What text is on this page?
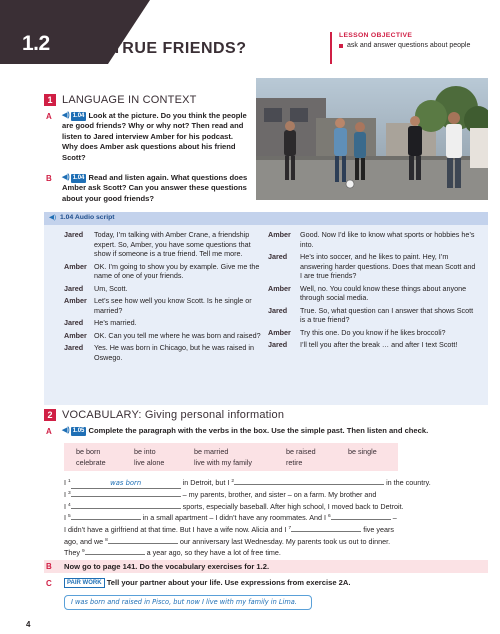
1.2	TRUE FRIENDS?
LESSON OBJECTIVE
ask and answer questions about people
1 LANGUAGE IN CONTEXT
A ◀) 1.04 Look at the picture. Do you think the people are good friends? Why or why not? Then read and listen to Jared interview Amber for his podcast. Why does Amber ask questions about his friend Scott?
B ◀) 1.04 Read and listen again. What questions does Amber ask Scott? Can you answer these questions about your good friends?
◀) 1.04 Audio script
Jared	Today, I’m talking with Amber Crane, a friendship expert. So, Amber, you have some questions that show if someone is a true friend. Tell me more.
Amber	OK. I’m going to show you by example. Give me the name of one of your friends.
Jared	Um, Scott.
Amber	Let’s see how well you know Scott. Is he single or married?
Jared	He’s married.
Amber	OK. Can you tell me where he was born and raised?
Jared	Yes. He was born in Chicago, but he was raised in Oswego.
Amber	Good. Now I’d like to know what sports or hobbies he’s into.
Jared	He’s into soccer, and he likes to paint. Hey, I’m answering harder questions. Does that mean Scott and I are true friends?
Amber	Well, no. You could know these things about anyone through social media.
Jared	True. So, what question can I answer that shows Scott is a true friend?
Amber	Try this one. Do you know if he likes broccoli?
Jared	I’ll tell you after the break … and after I text Scott!
2 VOCABULARY: Giving personal information
A ◀) 1.05 Complete the paragraph with the verbs in the box. Use the simple past. Then listen and check.
be born	be into	be married	be raised	be single
celebrate	live alone	live with my family	retire
I $^1$	was born	in Detroit, but I $^2$	in the country.
I $^3$	– my parents, brother, and sister – on a farm. My brother and
I $^4$	sports, especially baseball. After high school, I moved back to Detroit.
I $^5$	in a small apartment – I didn’t have any roommates. And I $^6$	–
I didn’t have a girlfriend at that time. But I have a wife now. Alicia and I $^7$	five years
ago, and we $^8$	our anniversary last Wednesday. My parents took us out to dinner.
They $^9$	a year ago, so they have a lot of free time.
B Now go to page 141. Do the vocabulary exercises for 1.2.
C	PAIR WORK Tell your partner about your life. Use expressions from exercise 2A.
I was born and raised in Pisco, but now I live with my family in Lima.
4
